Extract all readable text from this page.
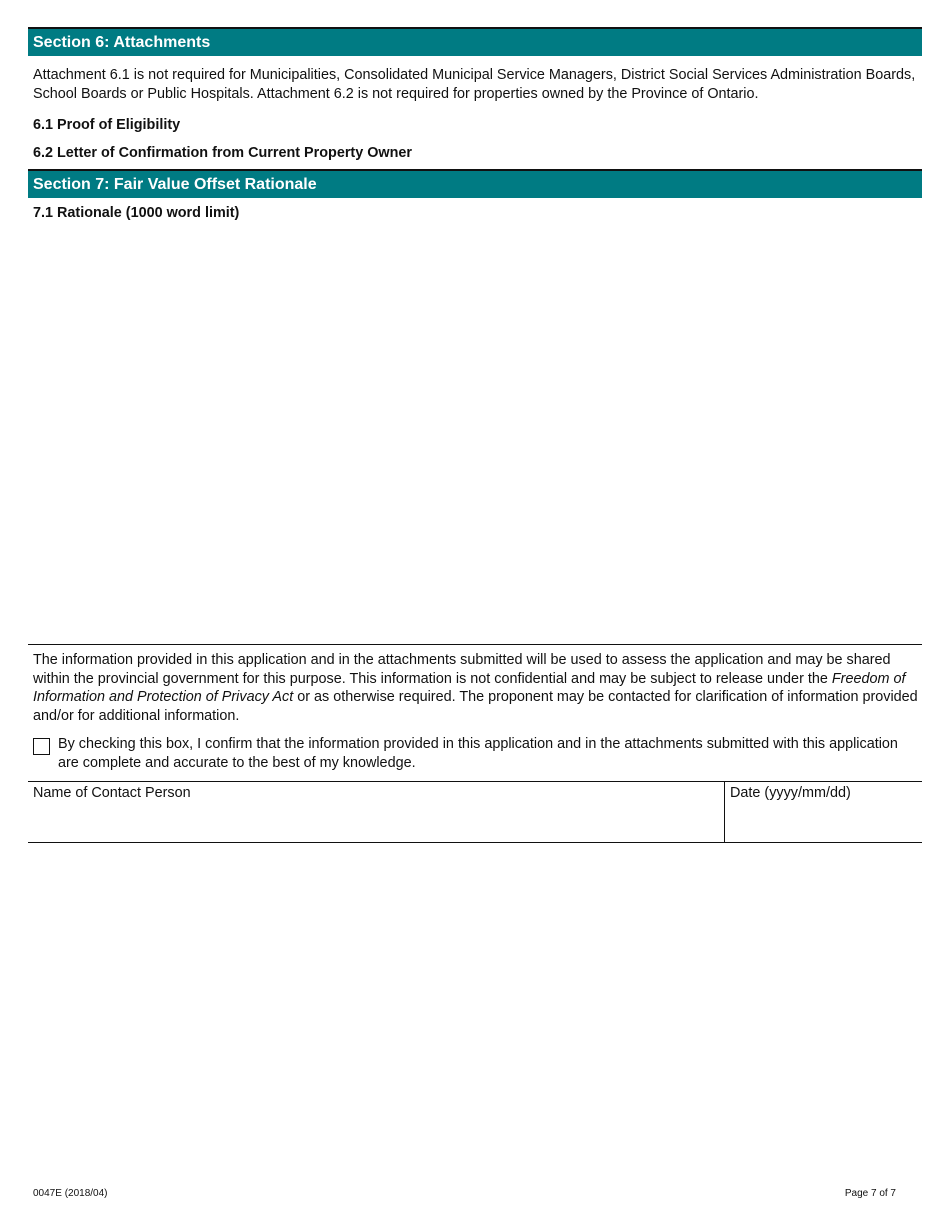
Section 6: Attachments

Attachment 6.1 is not required for Municipalities, Consolidated Municipal Service Managers, District Social Services Administration Boards, School Boards or Public Hospitals. Attachment 6.2 is not required for properties owned by the Province of Ontario.

6.1 Proof of Eligibility
6.2 Letter of Confirmation from Current Property Owner
Section 7: Fair Value Offset Rationale
7.1 Rationale (1000 word limit)

The information provided in this application and in the attachments submitted will be used to assess the application and may be shared within the provincial government for this purpose. This information is not confidential and may be subject to release under the Freedom of Information and Protection of Privacy Act or as otherwise required. The proponent may be contacted for clarification of information provided and/or for additional information.

By checking this box, I confirm that the information provided in this application and in the attachments submitted with this application are complete and accurate to the best of my knowledge.
Name of Contact Person	Date (yyyy/mm/dd)
0047E (2018/04)	Page 7 of 7
